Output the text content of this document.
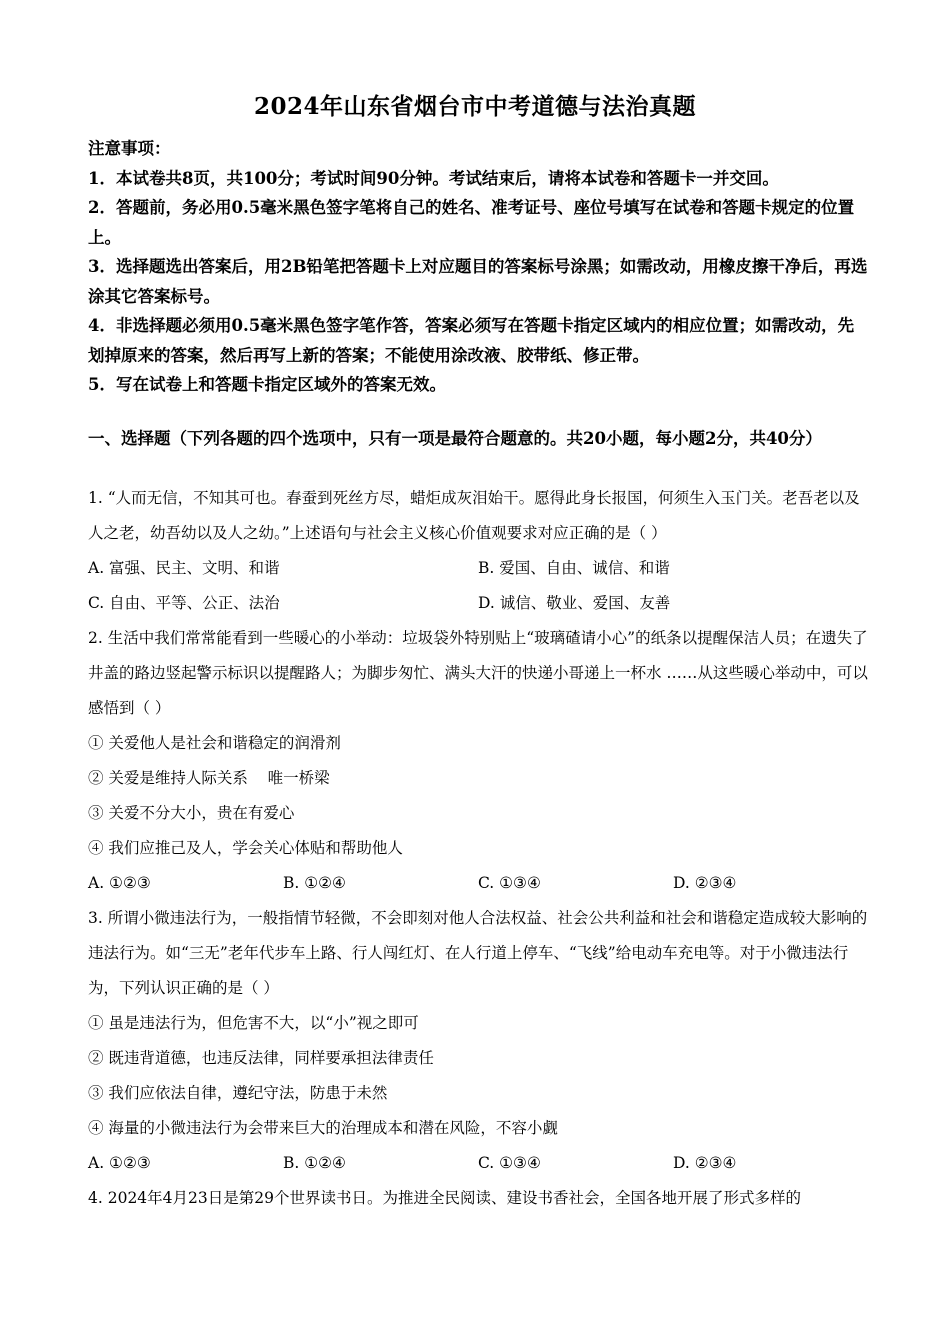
2024年山东省烟台市中考道德与法治真题

注意事项：

1．本试卷共8页，共100分；考试时间90分钟。考试结束后，请将本试卷和答题卡一并交回。

2．答题前，务必用0.5毫米黑色签字笔将自己的姓名、准考证号、座位号填写在试卷和答题卡规定的位置上。

3．选择题选出答案后，用2B铅笔把答题卡上对应题目的答案标号涂黑；如需改动，用橡皮擦干净后，再选涂其它答案标号。

4．非选择题必须用0.5毫米黑色签字笔作答，答案必须写在答题卡指定区域内的相应位置；如需改动，先划掉原来的答案，然后再写上新的答案；不能使用涂改液、胶带纸、修正带。

5．写在试卷上和答题卡指定区域外的答案无效。

一、选择题（下列各题的四个选项中，只有一项是最符合题意的。共20小题，每小题2分，共40分）

1. “人而无信，不知其可也。春蚕到死丝方尽，蜡炬成灰泪始干。愿得此身长报国，何须生入玉门关。老吾老以及人之老，幼吾幼以及人之幼。”上述语句与社会主义核心价值观要求对应正确的是（ ）

A. 富强、民主、文明、和谐	B. 爱国、自由、诚信、和谐
C. 自由、平等、公正、法治	D. 诚信、敬业、爱国、友善

2. 生活中我们常常能看到一些暖心的小举动：垃圾袋外特别贴上“玻璃碴请小心”的纸条以提醒保洁人员；在遗失了井盖的路边竖起警示标识以提醒路人；为脚步匆忙、满头大汗的快递小哥递上一杯水 ……从这些暖心举动中，可以感悟到（ ）

① 关爱他人是社会和谐稳定的润滑剂

② 关爱是维持人际关系    唯一桥梁

③ 关爱不分大小，贵在有爱心

④ 我们应推己及人，学会关心体贴和帮助他人

A. ①②③	B. ①②④	C. ①③④	D. ②③④

3. 所谓小微违法行为，一般指情节轻微，不会即刻对他人合法权益、社会公共利益和社会和谐稳定造成较大影响的违法行为。如“三无”老年代步车上路、行人闯红灯、在人行道上停车、“飞线”给电动车充电等。对于小微违法行为，下列认识正确的是（ ）

① 虽是违法行为，但危害不大，以“小”视之即可

② 既违背道德，也违反法律，同样要承担法律责任

③ 我们应依法自律，遵纪守法，防患于未然

④ 海量的小微违法行为会带来巨大的治理成本和潜在风险，不容小觑

A. ①②③	B. ①②④	C. ①③④	D. ②③④

4. 2024年4月23日是第29个世界读书日。为推进全民阅读、建设书香社会，全国各地开展了形式多样的
